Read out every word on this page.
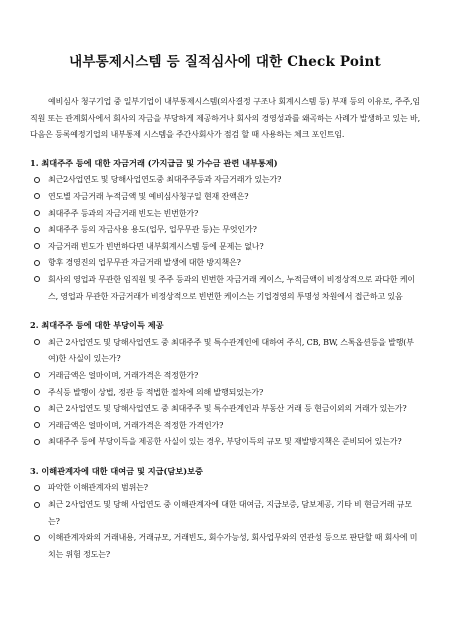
내부통제시스템 등 질적심사에 대한 Check Point

예비심사 청구기업 중 일부기업이 내부통제시스템(의사결정 구조나 회계시스템 등) 부재 등의 이유로, 주주,임직원 또는 관계회사에서 회사의 자금을 부당하게 제공하거나 회사의 경영성과를 왜곡하는 사례가 발생하고 있는 바, 다음은 등록예정기업의 내부통제 시스템을 주간사회사가 점검 할 때 사용하는 체크 포인트임.

1. 최대주주 등에 대한 자금거래 (가지급금 및 가수금 관련 내부통제)
최근2사업연도 및 당해사업연도중 최대주주등과 자금거래가 있는가?
연도별 자금거래 누적금액 및 예비심사청구일 현재 잔액은?
최대주주 등과의 자금거래 빈도는 빈번한가?
최대주주 등의 자금사용 용도(업무, 업무무관 등)는 무엇인가?
자금거래 빈도가 빈번하다면 내부회계시스템 등에 문제는 없나?
향후 경영진의 업무무관 자금거래 발생에 대한 방지책은?
회사의 영업과 무관한 임직원 및 주주 등과의 빈번한 자금거래 케이스, 누적금액이 비정상적으로 과다한 케이스, 영업과 무관한 자금거래가 비정상적으로 빈번한 케이스는 기업경영의 투명성 차원에서 접근하고 있음
2. 최대주주 등에 대한 부당이득 제공
최근 2사업연도 및 당해사업연도 중 최대주주 및 특수관계인에 대하여 주식, CB, BW, 스톡옵션등을 발행(부여)한 사실이 있는가?
거래금액은 얼마이며, 거래가격은 적정한가?
주식등 발행이 상법, 정관 등 적법한 절차에 의해 발행되었는가?
최근 2사업연도 및 당해사업연도 중 최대주주 및 특수관계인과 부동산 거래 등 현금이외의 거래가 있는가?
거래금액은 얼마이며, 거래가격은 적정한 가격인가?
최대주주 등에 부당이득을 제공한 사실이 있는 경우, 부당이득의 규모 및 재발방지책은 준비되어 있는가?
3. 이해관계자에 대한 대여금 및 지급(담보)보증
파악한 이해관계자의 범위는?
최근 2사업연도 및 당해 사업연도 중 이해관계자에 대한 대여금, 지급보증, 담보제공, 기타 비 현금거래 규모는?
이해관계자와의 거래내용, 거래규모, 거래빈도, 회수가능성, 회사업무와의 연관성 등으로 판단할 때 회사에 미치는 위험 정도는?
